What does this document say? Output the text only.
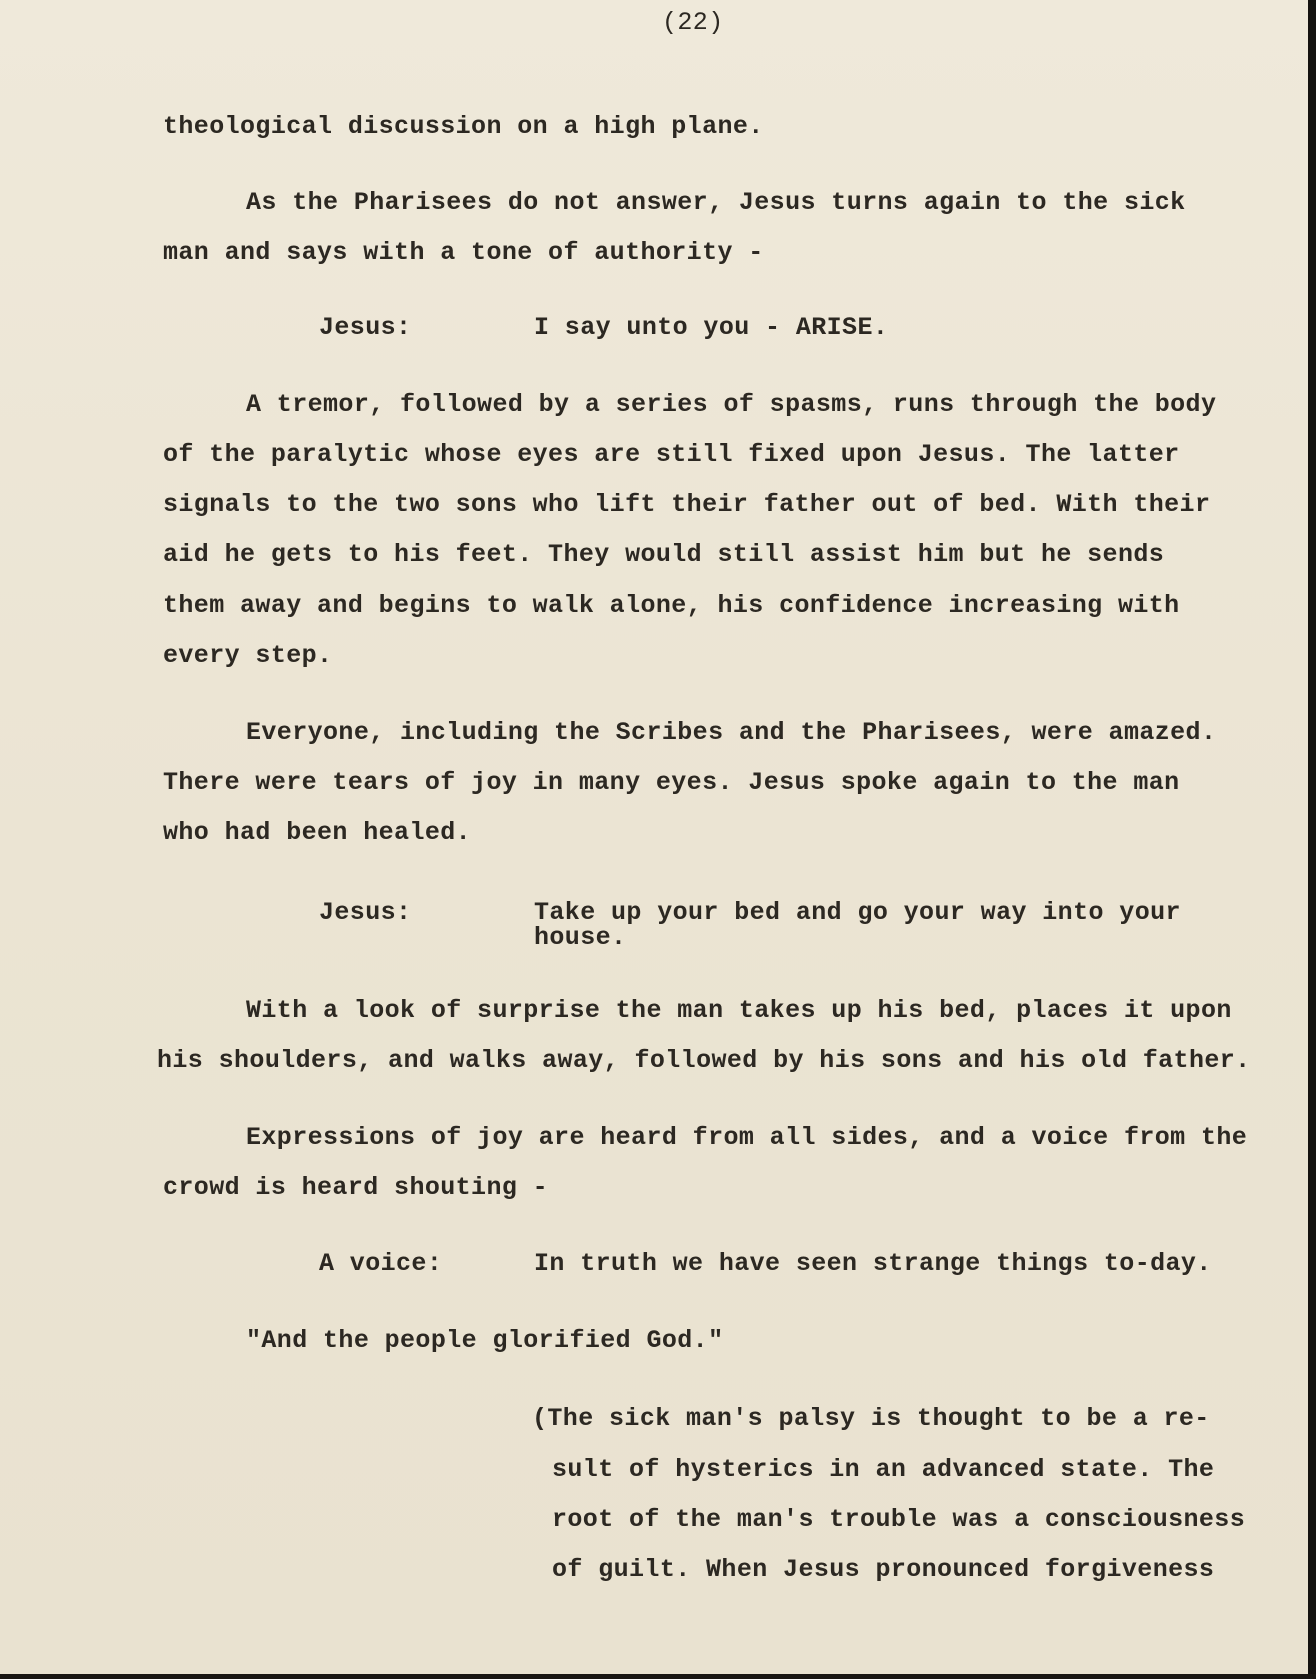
(22)
theological discussion on a high plane.
As the Pharisees do not answer, Jesus turns again to the sick
man and says with a tone of authority -
Jesus:	I say unto you - ARISE.
A tremor, followed by a series of spasms, runs through the body
of the paralytic whose eyes are still fixed upon Jesus. The latter
signals to the two sons who lift their father out of bed. With their
aid he gets to his feet. They would still assist him but he sends
them away and begins to walk alone, his confidence increasing with
every step.
Everyone, including the Scribes and the Pharisees, were amazed.
There were tears of joy in many eyes. Jesus spoke again to the man
who had been healed.
Jesus:	Take up your bed and go your way into your
house.
With a look of surprise the man takes up his bed, places it upon
his shoulders, and walks away, followed by his sons and his old father.
Expressions of joy are heard from all sides, and a voice from the
crowd is heard shouting -
A voice:	In truth we have seen strange things to-day.
"And the people glorified God."
(The sick man's palsy is thought to be a re-
sult of hysterics in an advanced state. The
root of the man's trouble was a consciousness
of guilt. When Jesus pronounced forgiveness
